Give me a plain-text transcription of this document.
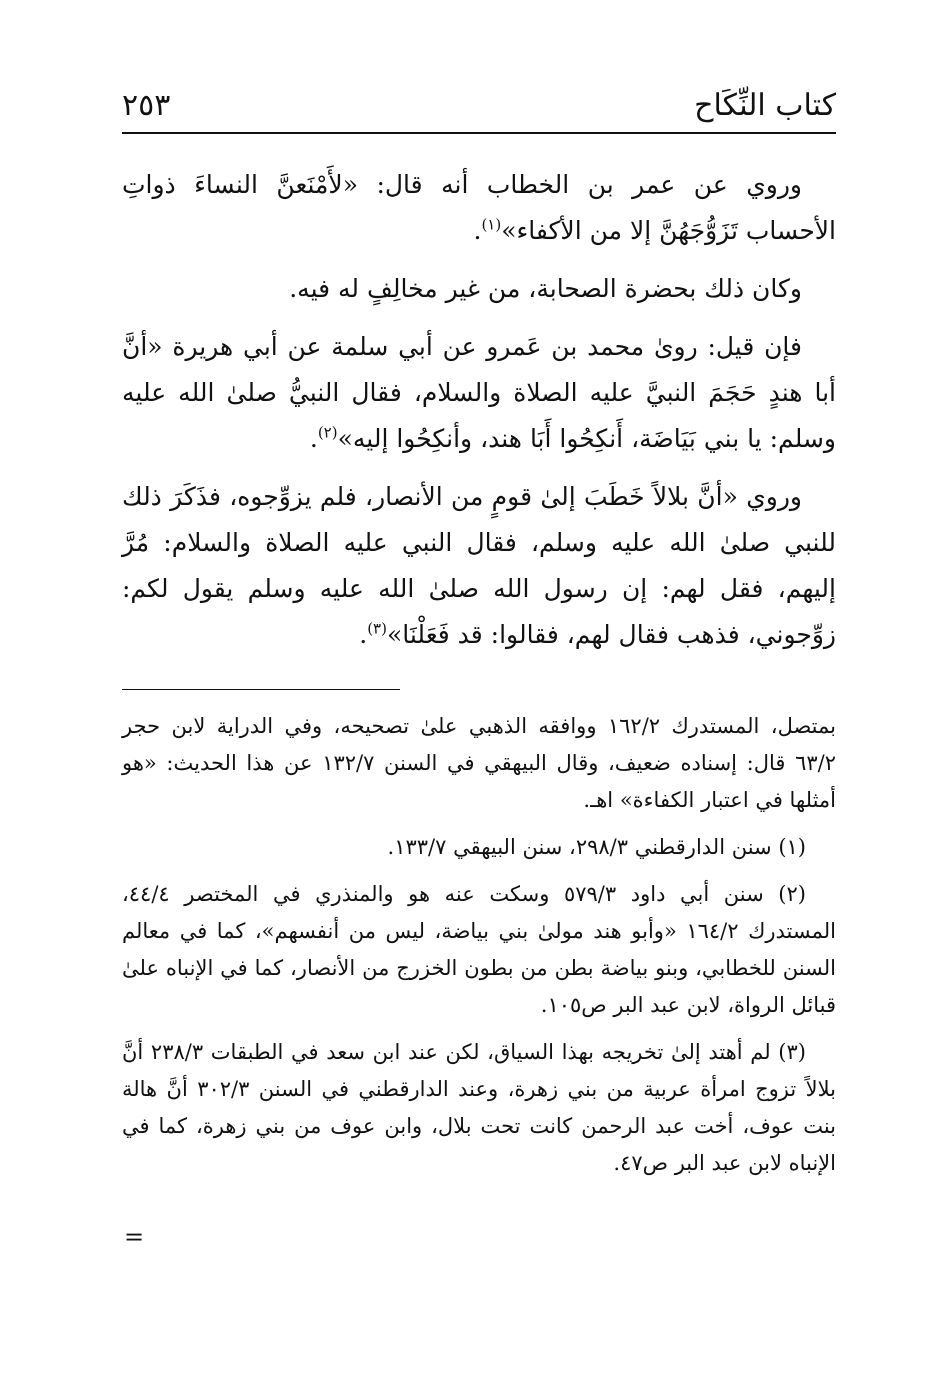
كتاب النِّكَاح
٢٥٣

وروي عن عمر بن الخطاب أنه قال: «لأَمْنَعنَّ النساءَ ذواتِ الأحساب تَزَوُّجَهُنَّ إلا من الأكفاء»$^{(١)}$.

وكان ذلك بحضرة الصحابة، من غير مخالِفٍ له فيه.

فإن قيل: روىٰ محمد بن عَمرو عن أبي سلمة عن أبي هريرة «أنَّ أبا هندٍ حَجَمَ النبيَّ عليه الصلاة والسلام، فقال النبيُّ صلىٰ الله عليه وسلم: يا بني بَيَاضَة، أَنكِحُوا أَبَا هند، وأنكِحُوا إليه»$^{(٢)}$.

وروي «أنَّ بلالاً خَطَبَ إلىٰ قومٍ من الأنصار، فلم يزوِّجوه، فذَكَرَ ذلك للنبي صلىٰ الله عليه وسلم، فقال النبي عليه الصلاة والسلام: مُرَّ إليهم، فقل لهم: إن رسول الله صلىٰ الله عليه وسلم يقول لكم: زوِّجوني، فذهب فقال لهم، فقالوا: قد فَعَلْنَا»$^{(٣)}$.

بمتصل، المستدرك ١٦٢/٢ ووافقه الذهبي علىٰ تصحيحه، وفي الدراية لابن حجر ٦٣/٢ قال: إسناده ضعيف، وقال البيهقي في السنن ١٣٢/٧ عن هذا الحديث: «هو أمثلها في اعتبار الكفاءة» اهـ.

(١) سنن الدارقطني ٢٩٨/٣، سنن البيهقي ١٣٣/٧.

(٢) سنن أبي داود ٥٧٩/٣ وسكت عنه هو والمنذري في المختصر ٤٤/٤، المستدرك ١٦٤/٢ «وأبو هند مولىٰ بني بياضة، ليس من أنفسهم»، كما في معالم السنن للخطابي، وبنو بياضة بطن من بطون الخزرج من الأنصار، كما في الإنباه علىٰ قبائل الرواة، لابن عبد البر ص١٠٥.

(٣) لم أهتد إلىٰ تخريجه بهذا السياق، لكن عند ابن سعد في الطبقات ٢٣٨/٣ أنَّ بلالاً تزوج امرأة عربية من بني زهرة، وعند الدارقطني في السنن ٣٠٢/٣ أنَّ هالة بنت عوف، أخت عبد الرحمن كانت تحت بلال، وابن عوف من بني زهرة، كما في الإنباه لابن عبد البر ص٤٧.

=
